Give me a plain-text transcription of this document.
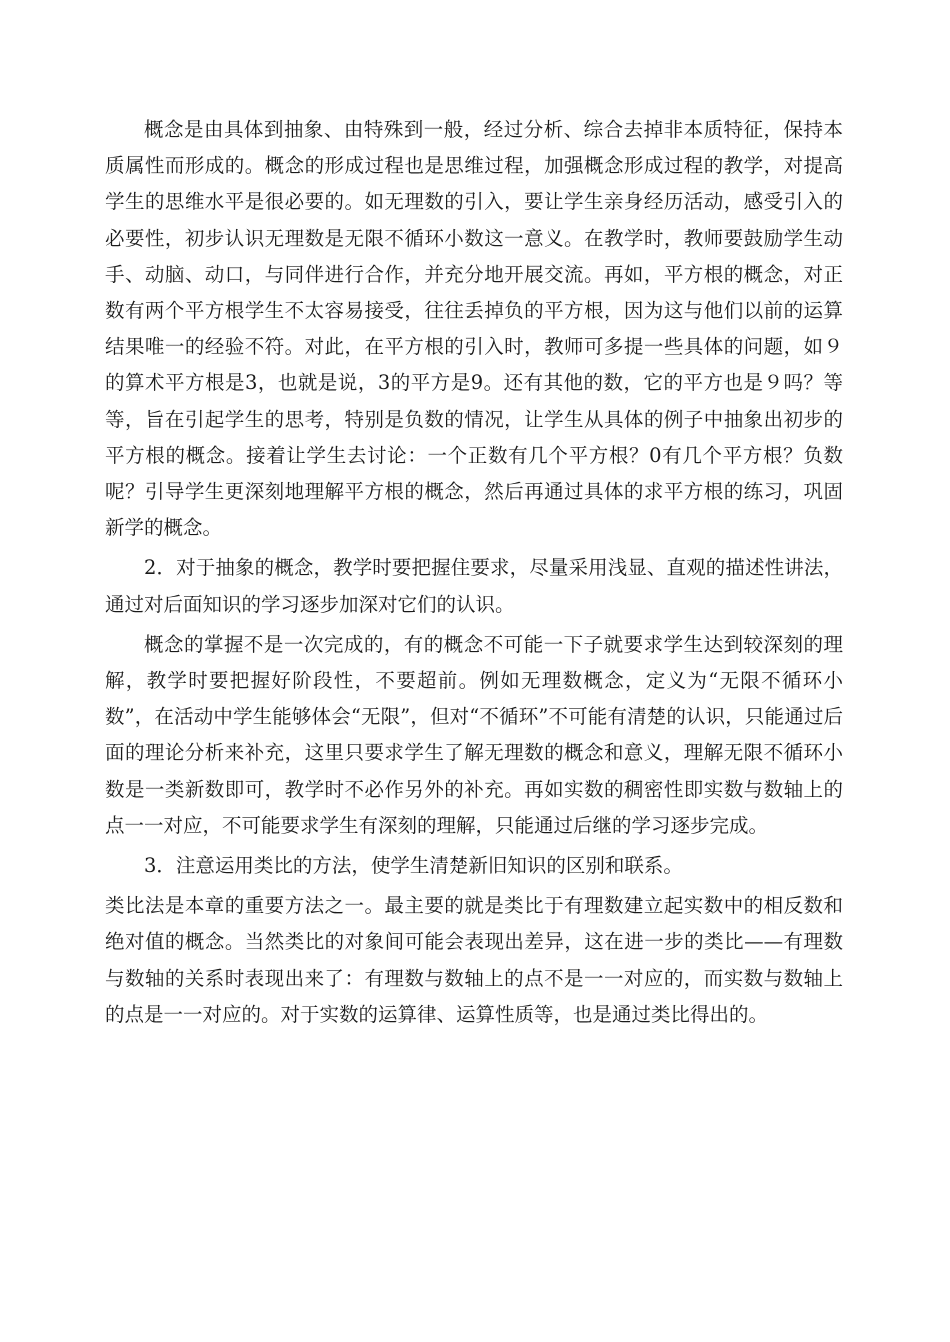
概念是由具体到抽象、由特殊到一般，经过分析、综合去掉非本质特征，保持本质属性而形成的。概念的形成过程也是思维过程，加强概念形成过程的教学，对提高学生的思维水平是很必要的。如无理数的引入，要让学生亲身经历活动，感受引入的必要性，初步认识无理数是无限不循环小数这一意义。在教学时，教师要鼓励学生动手、动脑、动口，与同伴进行合作，并充分地开展交流。再如，平方根的概念，对正数有两个平方根学生不太容易接受，往往丢掉负的平方根，因为这与他们以前的运算结果唯一的经验不符。对此，在平方根的引入时，教师可多提一些具体的问题，如９的算术平方根是3，也就是说，3的平方是9。还有其他的数，它的平方也是９吗？等等，旨在引起学生的思考，特别是负数的情况，让学生从具体的例子中抽象出初步的平方根的概念。接着让学生去讨论：一个正数有几个平方根？0有几个平方根？负数呢？引导学生更深刻地理解平方根的概念，然后再通过具体的求平方根的练习，巩固新学的概念。

2．对于抽象的概念，教学时要把握住要求，尽量采用浅显、直观的描述性讲法，通过对后面知识的学习逐步加深对它们的认识。

概念的掌握不是一次完成的，有的概念不可能一下子就要求学生达到较深刻的理解，教学时要把握好阶段性，不要超前。例如无理数概念，定义为“无限不循环小数”，在活动中学生能够体会“无限”，但对“不循环”不可能有清楚的认识，只能通过后面的理论分析来补充，这里只要求学生了解无理数的概念和意义，理解无限不循环小数是一类新数即可，教学时不必作另外的补充。再如实数的稠密性即实数与数轴上的点一一对应，不可能要求学生有深刻的理解，只能通过后继的学习逐步完成。

3．注意运用类比的方法，使学生清楚新旧知识的区别和联系。

类比法是本章的重要方法之一。最主要的就是类比于有理数建立起实数中的相反数和绝对值的概念。当然类比的对象间可能会表现出差异，这在进一步的类比——有理数与数轴的关系时表现出来了：有理数与数轴上的点不是一一对应的，而实数与数轴上的点是一一对应的。对于实数的运算律、运算性质等，也是通过类比得出的。
